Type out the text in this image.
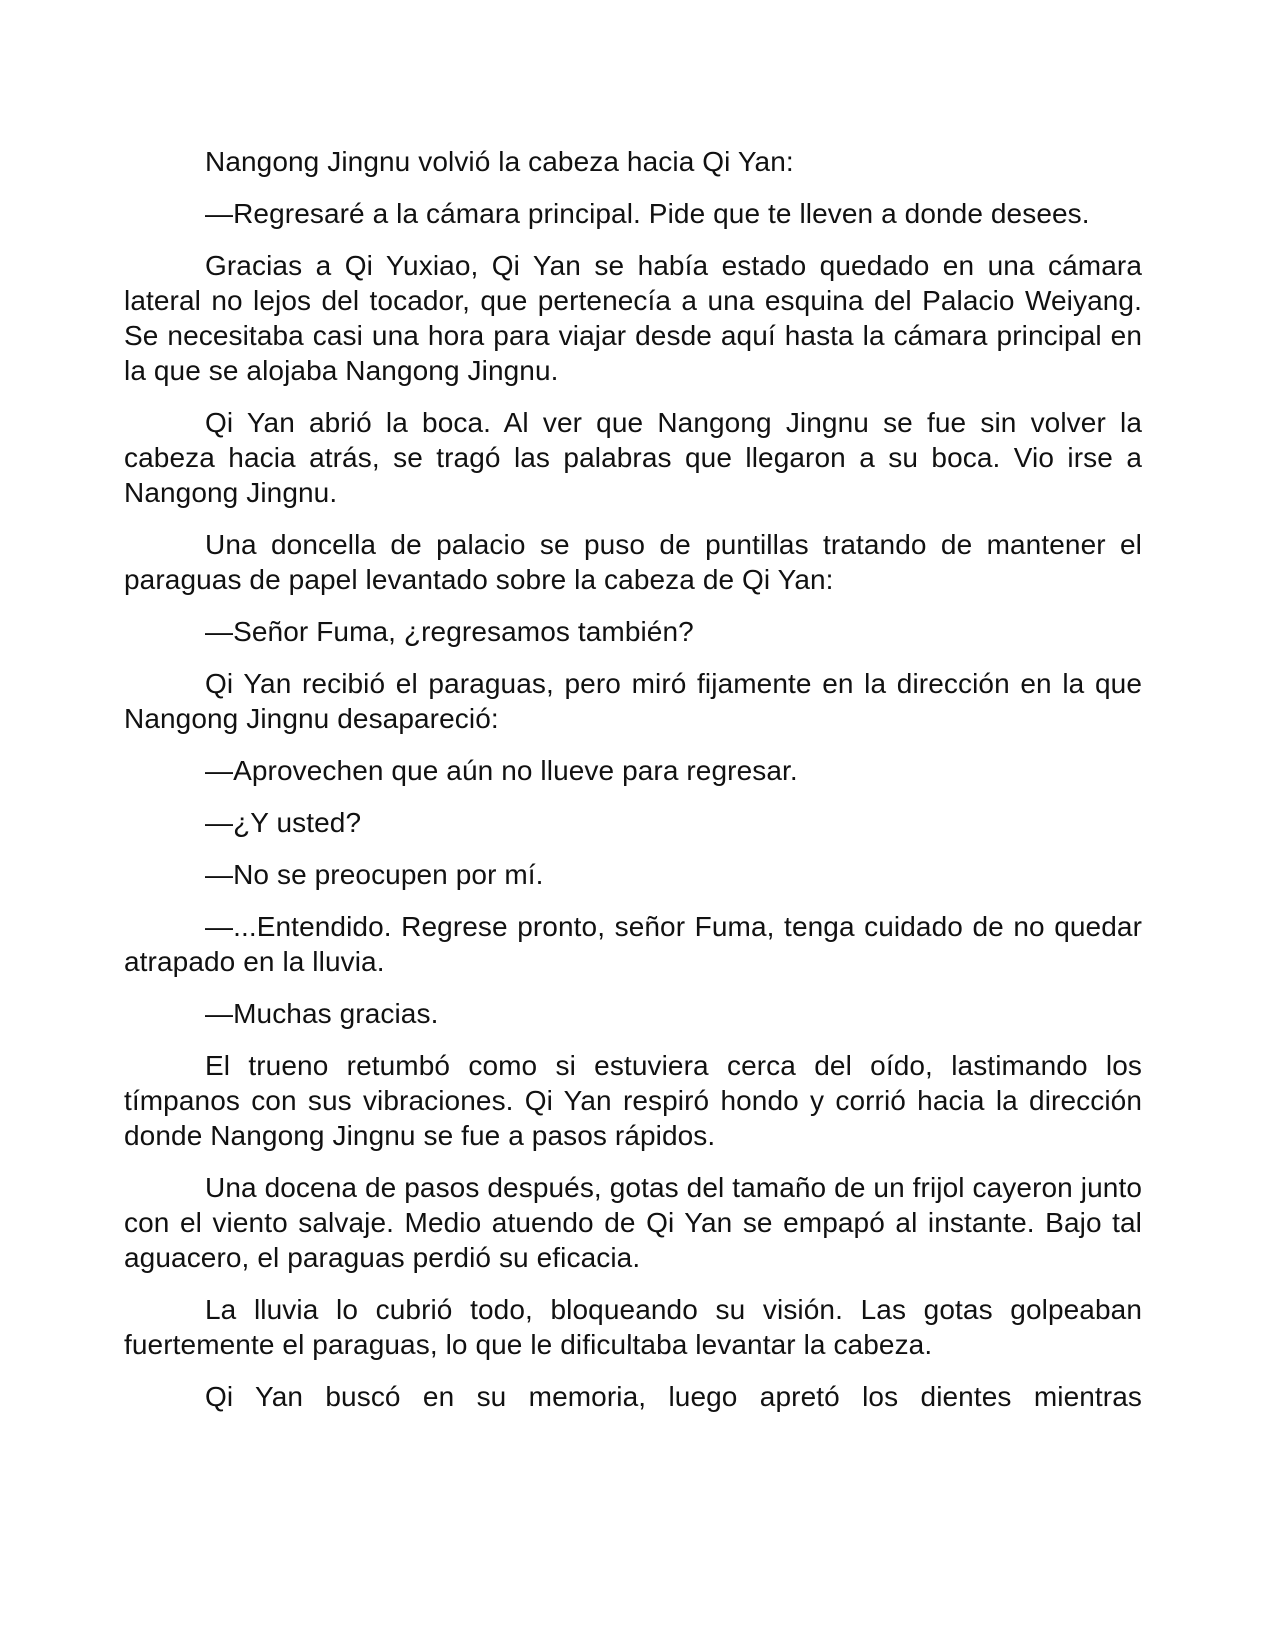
Nangong Jingnu volvió la cabeza hacia Qi Yan:

—Regresaré a la cámara principal. Pide que te lleven a donde desees.

Gracias a Qi Yuxiao, Qi Yan se había estado quedado en una cámara lateral no lejos del tocador, que pertenecía a una esquina del Palacio Weiyang. Se necesitaba casi una hora para viajar desde aquí hasta la cámara principal en la que se alojaba Nangong Jingnu.

Qi Yan abrió la boca. Al ver que Nangong Jingnu se fue sin volver la cabeza hacia atrás, se tragó las palabras que llegaron a su boca. Vio irse a Nangong Jingnu.

Una doncella de palacio se puso de puntillas tratando de mantener el paraguas de papel levantado sobre la cabeza de Qi Yan:

—Señor Fuma, ¿regresamos también?

Qi Yan recibió el paraguas, pero miró fijamente en la dirección en la que Nangong Jingnu desapareció:

—Aprovechen que aún no llueve para regresar.

—¿Y usted?

—No se preocupen por mí.

—...Entendido. Regrese pronto, señor Fuma, tenga cuidado de no quedar atrapado en la lluvia.

—Muchas gracias.

El trueno retumbó como si estuviera cerca del oído, lastimando los tímpanos con sus vibraciones. Qi Yan respiró hondo y corrió hacia la dirección donde Nangong Jingnu se fue a pasos rápidos.

Una docena de pasos después, gotas del tamaño de un frijol cayeron junto con el viento salvaje. Medio atuendo de Qi Yan se empapó al instante. Bajo tal aguacero, el paraguas perdió su eficacia.

La lluvia lo cubrió todo, bloqueando su visión. Las gotas golpeaban fuertemente el paraguas, lo que le dificultaba levantar la cabeza.

Qi Yan buscó en su memoria, luego apretó los dientes mientras
